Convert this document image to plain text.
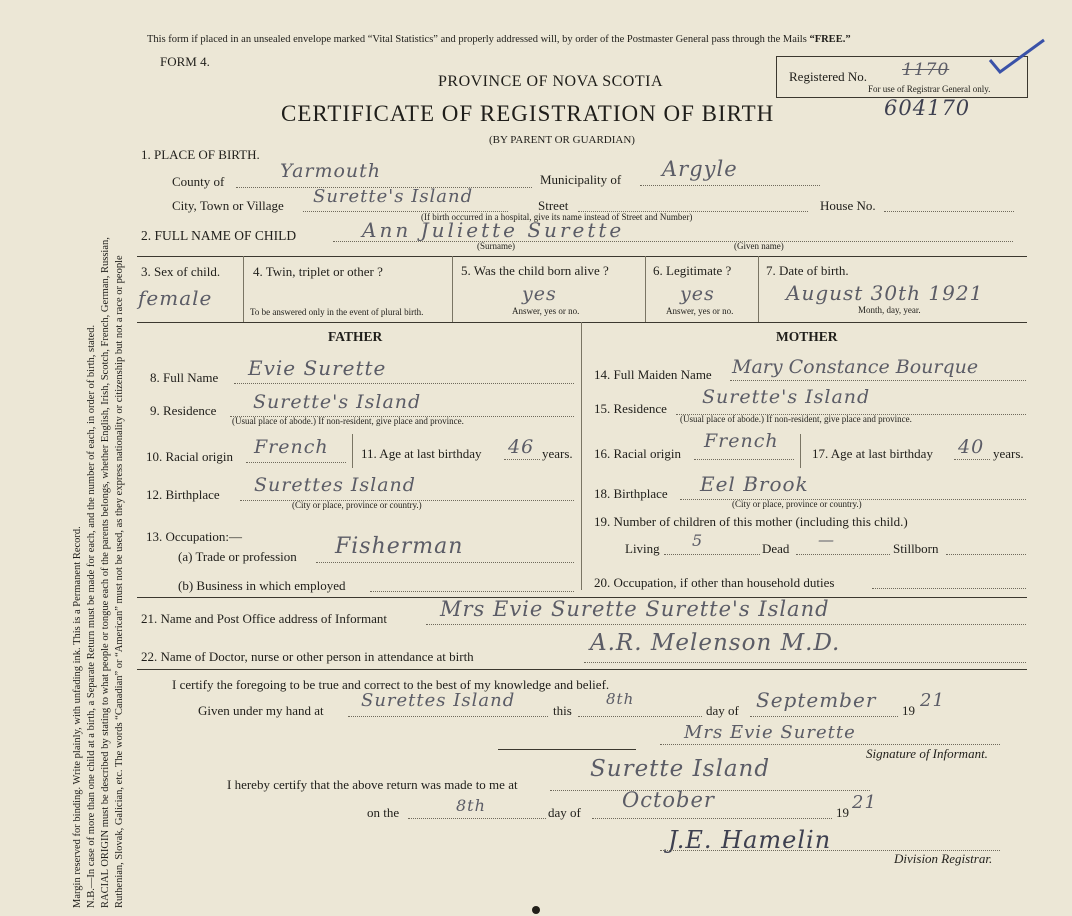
Margin reserved for binding. Write plainly, with unfading ink. This is a Permanent Record. N.B.—In case of more than one child at a birth, a Separate Return must be made for each, and the number of each, in order of birth, stated. RACIAL ORIGIN must be described by stating to what people or tongue each of the parents belongs, whether English, Irish, Scotch, French, German, Russian, Ruthenian, Slovak, Galician, etc. The words “Canadian” or “American” must not be used, as they express nationality or citizenship but not a race or people
This form if placed in an unsealed envelope marked “Vital Statistics” and properly addressed will, by order of the Postmaster General pass through the Mails “FREE.”
FORM 4.
PROVINCE OF NOVA SCOTIA
CERTIFICATE OF REGISTRATION OF BIRTH
(BY PARENT OR GUARDIAN)
Registered No. 1170
For use of Registrar General only.
604170
1. PLACE OF BIRTH.
County of	Yarmouth	Municipality of Argyle
City, Town or Village Surette's Island	Street	House No.
(If birth occurred in a hospital, give its name instead of Street and Number)
2. FULL NAME OF CHILD	Ann Juliette Surette
(Surname)	(Given name)
3. Sex of child.
female
4. Twin, triplet or other ?
To be answered only in the event of plural birth.
5. Was the child born alive ?
yes
Answer, yes or no.
6. Legitimate ?
yes
Answer, yes or no.
7. Date of birth.
August 30th 1921
Month, day, year.
FATHER	MOTHER
8. Full Name Evie Surette
9. Residence Surette's Island
(Usual place of abode.) If non-resident, give place and province.
10. Racial origin French 11. Age at last birthday 46 years.
12. Birthplace Surettes Island
(City or place, province or country.)
13. Occupation:—
(a) Trade or profession Fisherman
(b) Business in which employed
14. Full Maiden Name Mary Constance Bourque
15. Residence
Surette's Island
(Usual place of abode.) If non-resident, give place and province.
16. Racial origin
French
17. Age at last birthday 40 years.
18. Birthplace Eel Brook
(City or place, province or country.)
19. Number of children of this mother (including this child.)
Living 5	Dead —	Stillborn
20. Occupation, if other than household duties
21. Name and Post Office address of Informant	Mrs Evie Surette Surette's Island
22. Name of Doctor, nurse or other person in attendance at birth
A.R. Melenson M.D.
I certify the foregoing to be true and correct to the best of my knowledge and belief.
Given under my hand at Surettes Island	this
8th
day of September 19 21
Mrs Evie Surette
Signature of Informant.
I hereby certify that the above return was made to me at
Surette Island
on the	8th	day of
October
19 21
J.E. Hamelin
Division Registrar.
